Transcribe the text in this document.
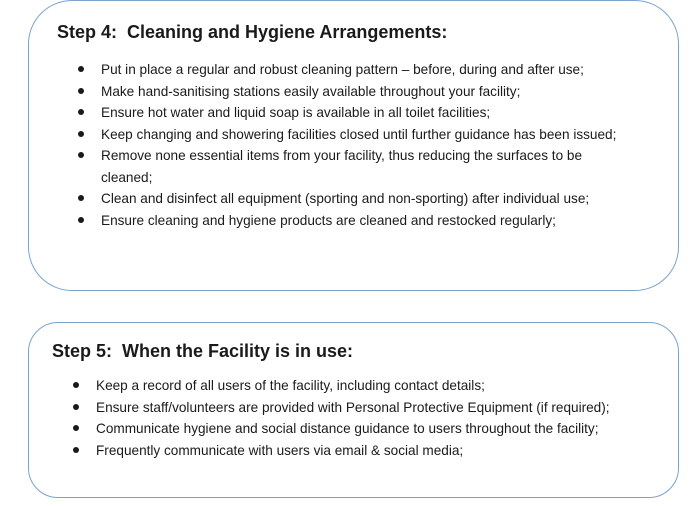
Step 4:  Cleaning and Hygiene Arrangements:
Put in place a regular and robust cleaning pattern – before, during and after use;
Make hand-sanitising stations easily available throughout your facility;
Ensure hot water and liquid soap is available in all toilet facilities;
Keep changing and showering facilities closed until further guidance has been issued;
Remove none essential items from your facility, thus reducing the surfaces to be cleaned;
Clean and disinfect all equipment (sporting and non-sporting) after individual use;
Ensure cleaning and hygiene products are cleaned and restocked regularly;
Step 5:  When the Facility is in use:
Keep a record of all users of the facility, including contact details;
Ensure staff/volunteers are provided with Personal Protective Equipment (if required);
Communicate hygiene and social distance guidance to users throughout the facility;
Frequently communicate with users via email & social media;
